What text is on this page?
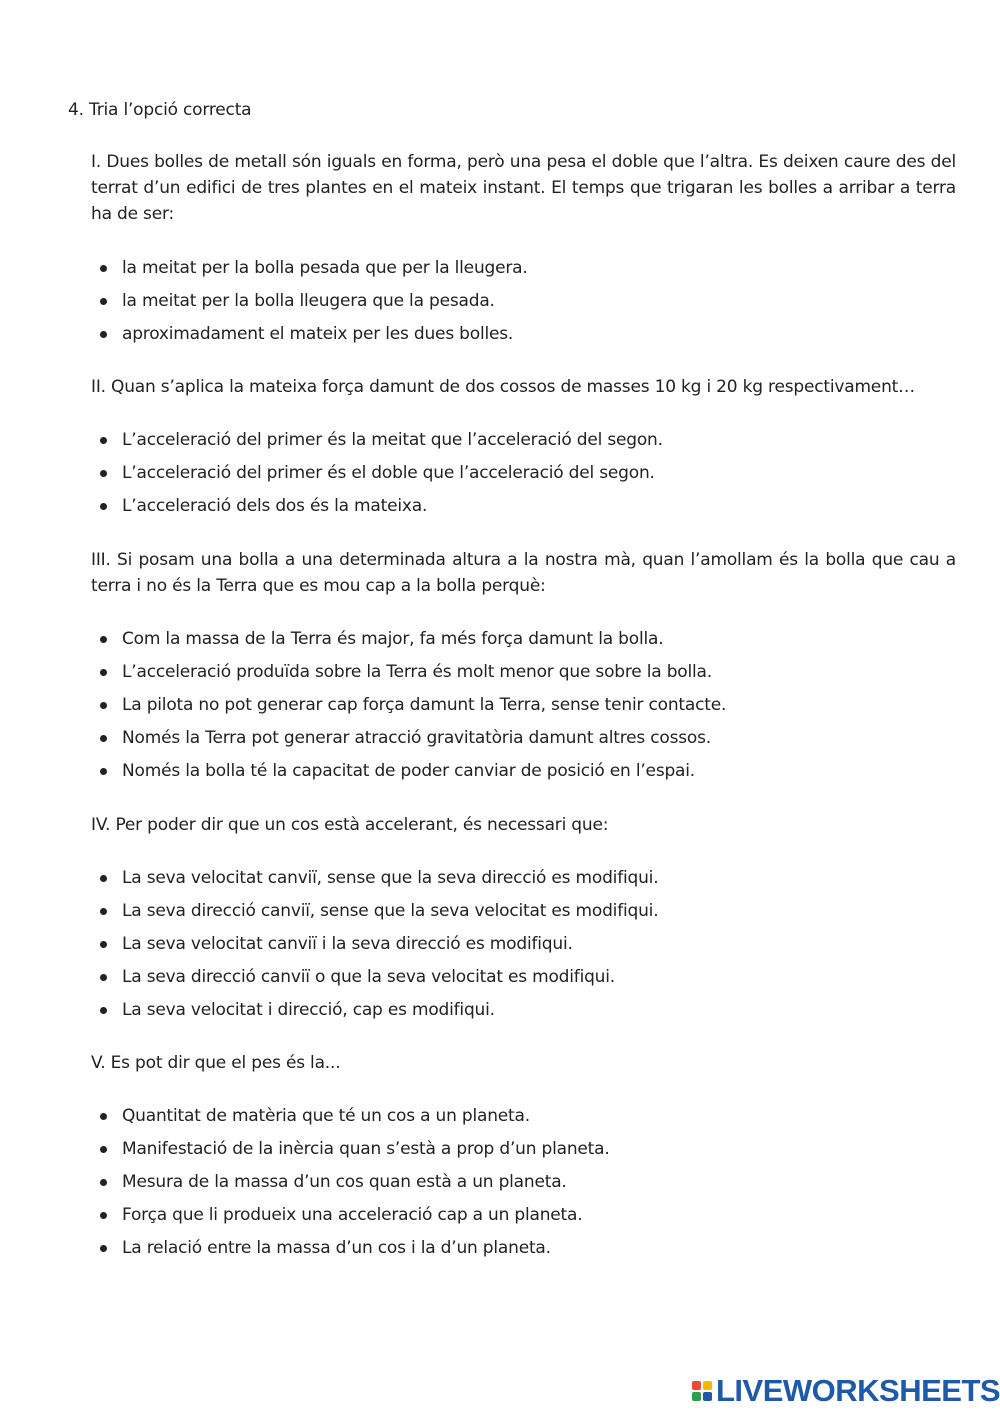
4. Tria l’opció correcta

I. Dues bolles de metall són iguals en forma, però una pesa el doble que l’altra. Es deixen caure des del terrat d’un edifici de tres plantes en el mateix instant. El temps que trigaran les bolles a arribar a terra ha de ser:

la meitat per la bolla pesada que per la lleugera.
la meitat per la bolla lleugera que la pesada.
aproximadament el mateix per les dues bolles.

II. Quan s’aplica la mateixa força damunt de dos cossos de masses 10 kg i 20 kg respectivament…

L’acceleració del primer és la meitat que l’acceleració del segon.
L’acceleració del primer és el doble que l’acceleració del segon.
L’acceleració dels dos és la mateixa.

III. Si posam una bolla a una determinada altura a la nostra mà, quan l’amollam és la bolla que cau a terra i no és la Terra que es mou cap a la bolla perquè:

Com la massa de la Terra és major, fa més força damunt la bolla.
L’acceleració produïda sobre la Terra és molt menor que sobre la bolla.
La pilota no pot generar cap força damunt la Terra, sense tenir contacte.
Només la Terra pot generar atracció gravitatòria damunt altres cossos.
Només la bolla té la capacitat de poder canviar de posició en l’espai.

IV. Per poder dir que un cos està accelerant, és necessari que:

La seva velocitat canviï, sense que la seva direcció es modifiqui.
La seva direcció canviï, sense que la seva velocitat es modifiqui.
La seva velocitat canviï i la seva direcció es modifiqui.
La seva direcció canviï o que la seva velocitat es modifiqui.
La seva velocitat i direcció, cap es modifiqui.

V. Es pot dir que el pes és la...

Quantitat de matèria que té un cos a un planeta.
Manifestació de la inèrcia quan s’està a prop d’un planeta.
Mesura de la massa d’un cos quan està a un planeta.
Força que li produeix una acceleració cap a un planeta.
La relació entre la massa d’un cos i la d’un planeta.
LIVEWORKSHEETS
